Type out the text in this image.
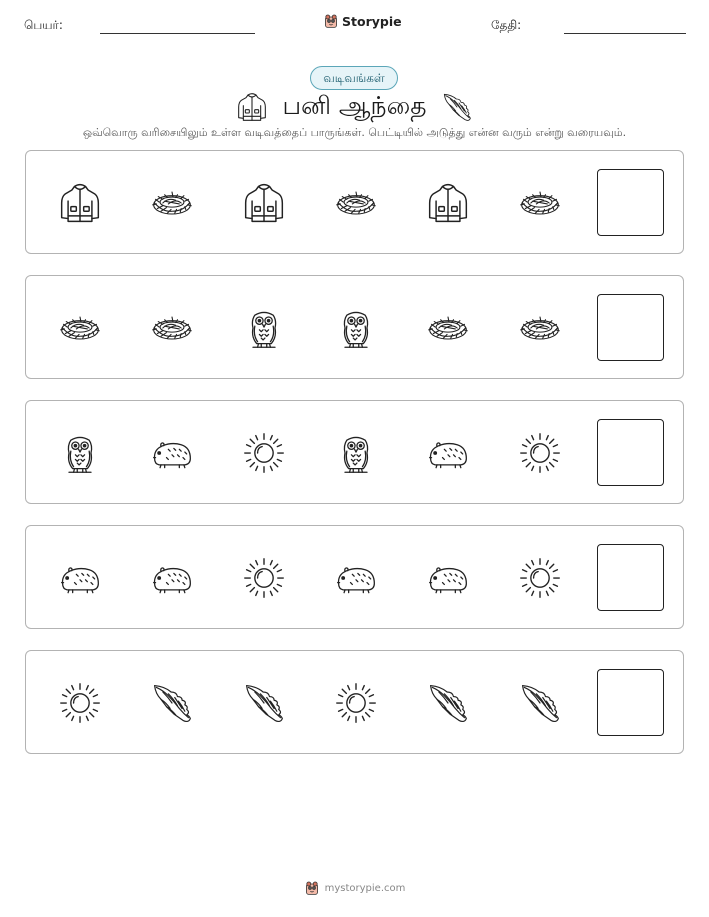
பெயர்:	Storypie	தேதி:
வடிவங்கள்
பனி ஆந்தை
ஒவ்வொரு வரிசையிலும் உள்ள வடிவத்தைப் பாருங்கள். பெட்டியில் அடுத்து என்ன வரும் என்று வரையவும்.
mystorypie.com
